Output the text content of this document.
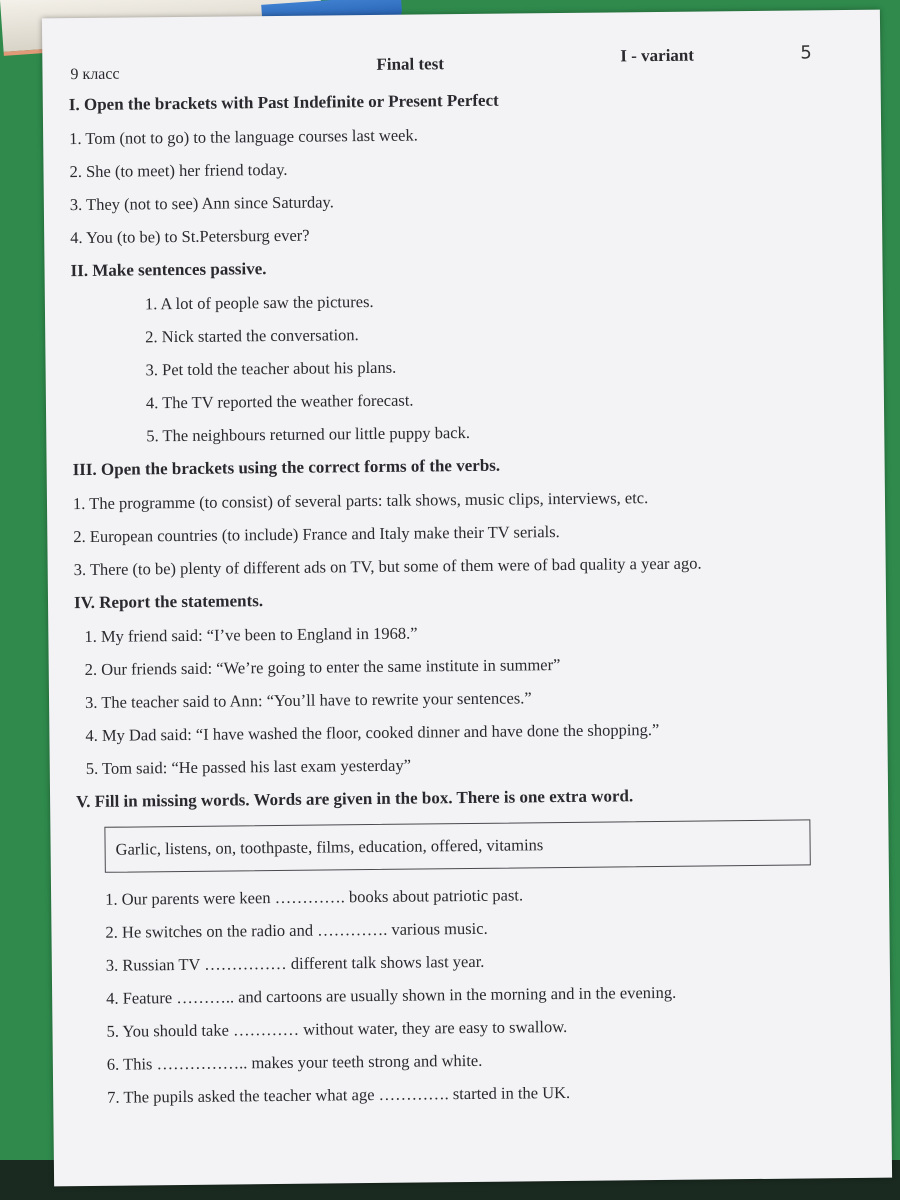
9 класс
Final test	I - variant	5

I. Open the brackets with Past Indefinite or Present Perfect

1. Tom (not to go) to the language courses last week.

2. She (to meet) her friend today.

3. They (not to see) Ann since Saturday.

4. You (to be) to St.Petersburg ever?

II. Make sentences passive.

1. A lot of people saw the pictures.

2. Nick started the conversation.

3. Pet told the teacher about his plans.

4. The TV reported the weather forecast.

5. The neighbours returned our little puppy back.

III. Open the brackets using the correct forms of the verbs.

1. The programme (to consist) of several parts: talk shows, music clips, interviews, etc.

2. European countries (to include) France and Italy make their TV serials.

3. There (to be) plenty of different ads on TV, but some of them were of bad quality a year ago.

IV. Report the statements.

1. My friend said: “I’ve been to England in 1968.”

2. Our friends said: “We’re going to enter the same institute in summer”

3. The teacher said to Ann: “You’ll have to rewrite your sentences.”

4. My Dad said: “I have washed the floor, cooked dinner and have done the shopping.”

5. Tom said: “He passed his last exam yesterday”

V. Fill in missing words. Words are given in the box. There is one extra word.

Garlic, listens, on, toothpaste, films, education, offered, vitamins

1. Our parents were keen …………. books about patriotic past.

2. He switches on the radio and …………. various music.

3. Russian TV …………… different talk shows last year.

4. Feature ……….. and cartoons are usually shown in the morning and in the evening.

5. You should take ………… without water, they are easy to swallow.

6. This …………….. makes your teeth strong and white.

7. The pupils asked the teacher what age …………. started in the UK.
